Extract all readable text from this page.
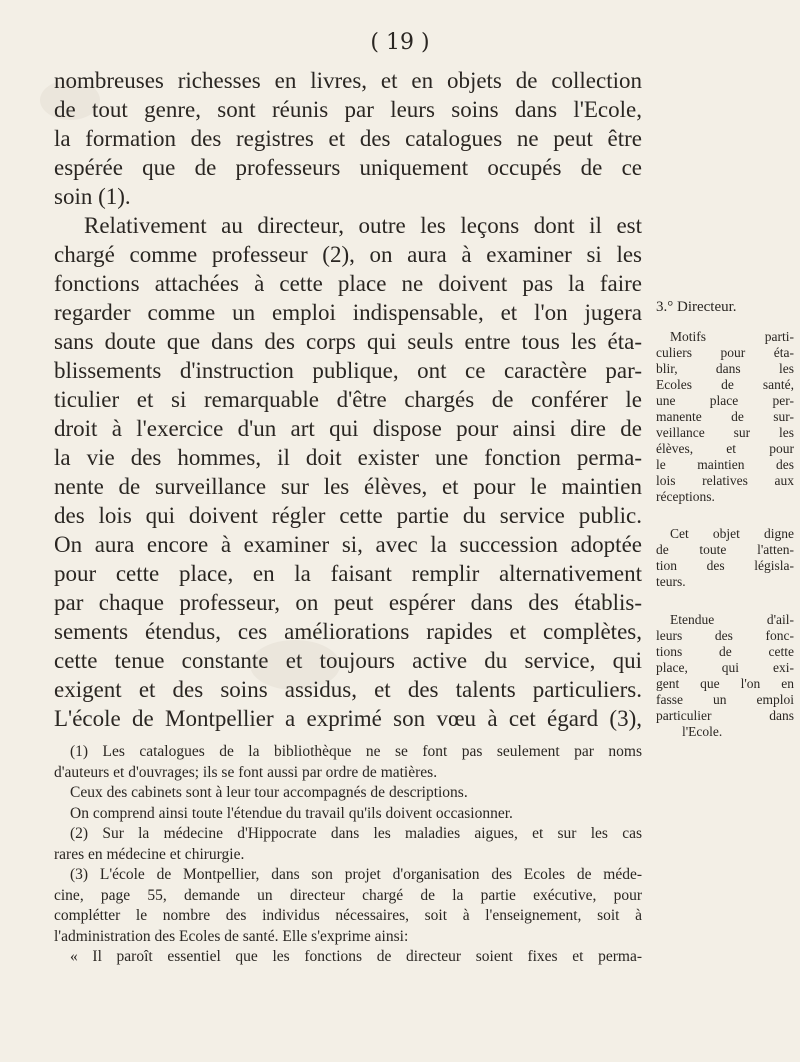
( 19 )
nombreuses richesses en livres, et en objets de collection
de tout genre, sont réunis par leurs soins dans l'Ecole,
la formation des registres et des catalogues ne peut être
espérée que de professeurs uniquement occupés de ce
soin (1).
Relativement au directeur, outre les leçons dont il est
chargé comme professeur (2), on aura à examiner si les
fonctions attachées à cette place ne doivent pas la faire
regarder comme un emploi indispensable, et l'on jugera
sans doute que dans des corps qui seuls entre tous les éta-
blissements d'instruction publique, ont ce caractère par-
ticulier et si remarquable d'être chargés de conférer le
droit à l'exercice d'un art qui dispose pour ainsi dire de
la vie des hommes, il doit exister une fonction perma-
nente de surveillance sur les élèves, et pour le maintien
des lois qui doivent régler cette partie du service public.
On aura encore à examiner si, avec la succession adoptée
pour cette place, en la faisant remplir alternativement
par chaque professeur, on peut espérer dans des établis-
sements étendus, ces améliorations rapides et complètes,
cette tenue constante et toujours active du service, qui
exigent et des soins assidus, et des talents particuliers.
L'école de Montpellier a exprimé son vœu à cet égard (3),
3.° Directeur.
Motifs parti-
culiers pour éta-
blir, dans les
Ecoles de santé,
une place per-
manente de sur-
veillance sur les
élèves, et pour
le maintien des
lois relatives aux
réceptions.
Cet objet digne
de toute l'atten-
tion des législa-
teurs.
Etendue d'ail-
leurs des fonc-
tions de cette
place, qui exi-
gent que l'on en
fasse un emploi
particulier dans
l'Ecole.
(1) Les catalogues de la bibliothèque ne se font pas seulement par noms
d'auteurs et d'ouvrages; ils se font aussi par ordre de matières.
Ceux des cabinets sont à leur tour accompagnés de descriptions.
On comprend ainsi toute l'étendue du travail qu'ils doivent occasionner.
(2) Sur la médecine d'Hippocrate dans les maladies aigues, et sur les cas
rares en médecine et chirurgie.
(3) L'école de Montpellier, dans son projet d'organisation des Ecoles de méde-
cine, page 55, demande un directeur chargé de la partie exécutive, pour
complétter le nombre des individus nécessaires, soit à l'enseignement, soit à
l'administration des Ecoles de santé. Elle s'exprime ainsi:
« Il paroît essentiel que les fonctions de directeur soient fixes et perma-
